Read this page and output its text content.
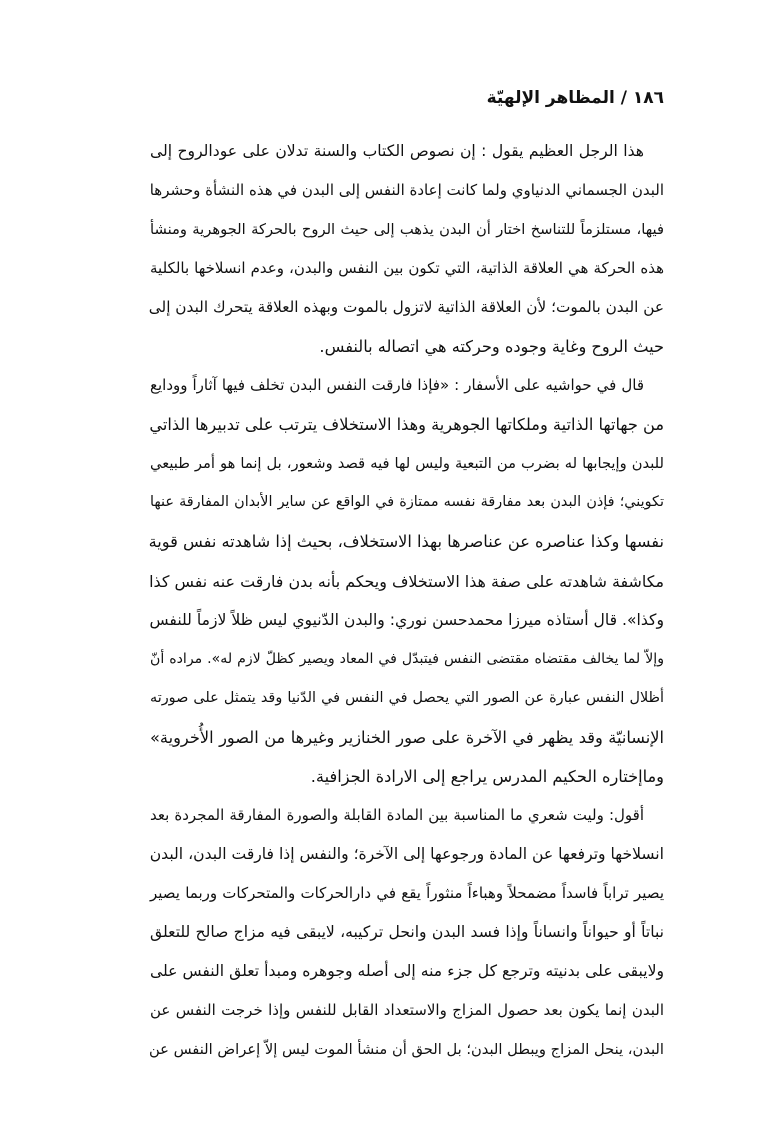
١٨٦ / المظاهر الإلهيّة
هذا الرجل العظيم يقول : إن نصوص الكتاب والسنة تدلان على عودالروح إلى
البدن الجسماني الدنياوي ولما كانت إعادة النفس إلى البدن في هذه النشأة وحشرها
فيها، مستلزماً للتناسخ اختار أن البدن يذهب إلى حيث الروح بالحركة الجوهرية ومنشأ
هذه الحركة هي العلاقة الذاتية، التي تكون بين النفس والبدن، وعدم انسلاخها بالكلية
عن البدن بالموت؛ لأن العلاقة الذاتية لاتزول بالموت وبهذه العلاقة يتحرك البدن إلى
حيث الروح وغاية وجوده وحركته هي اتصاله بالنفس.
قال في حواشيه على الأسفار : «فإذا فارقت النفس البدن تخلف فيها آثاراً وودايع
من جهاتها الذاتية وملكاتها الجوهرية وهذا الاستخلاف يترتب على تدبيرها الذاتي
للبدن وإيجابها له بضرب من التبعية وليس لها فيه قصد وشعور، بل إنما هو أمر طبيعي
تكويني؛ فإذن البدن بعد مفارقة نفسه ممتازة في الواقع عن ساير الأبدان المفارقة عنها
نفسها وكذا عناصره عن عناصرها بهذا الاستخلاف، بحيث إذا شاهدته نفس قوية
مكاشفة شاهدته على صفة هذا الاستخلاف ويحكم بأنه بدن فارقت عنه نفس كذا
وكذا». قال أستاذه ميرزا محمدحسن نوري: والبدن الدّنيوي ليس ظلاً لازماً للنفس
وإلاّ لما يخالف مقتضاه مقتضى النفس فيتبدّل في المعاد ويصير كظلّ لازم له». مراده أنّ
أظلال النفس عبارة عن الصور التي يحصل في النفس في الدّنيا وقد يتمثل على صورته
الإنسانيّة وقد يظهر في الآخرة على صور الخنازير وغيرها من الصور الأُخروية»
وماإختاره الحكيم المدرس يراجع إلى الارادة الجزافية.
أقول: وليت شعري ما المناسبة بين المادة القابلة والصورة المفارقة المجردة بعد
انسلاخها وترفعها عن المادة ورجوعها إلى الآخرة؛ والنفس إذا فارقت البدن، البدن
يصير تراباً فاسداً مضمحلاً وهباءاً منثوراً يقع في دارالحركات والمتحركات وربما يصير
نباتاً أو حيواناً وانساناً وإذا فسد البدن وانحل تركيبه، لايبقى فيه مزاج صالح للتعلق
ولايبقى على بدنيته وترجع كل جزء منه إلى أصله وجوهره ومبدأ تعلق النفس على
البدن إنما يكون بعد حصول المزاج والاستعداد القابل للنفس وإذا خرجت النفس عن
البدن، ينحل المزاج ويبطل البدن؛ بل الحق أن منشأ الموت ليس إلاّ إعراض النفس عن
